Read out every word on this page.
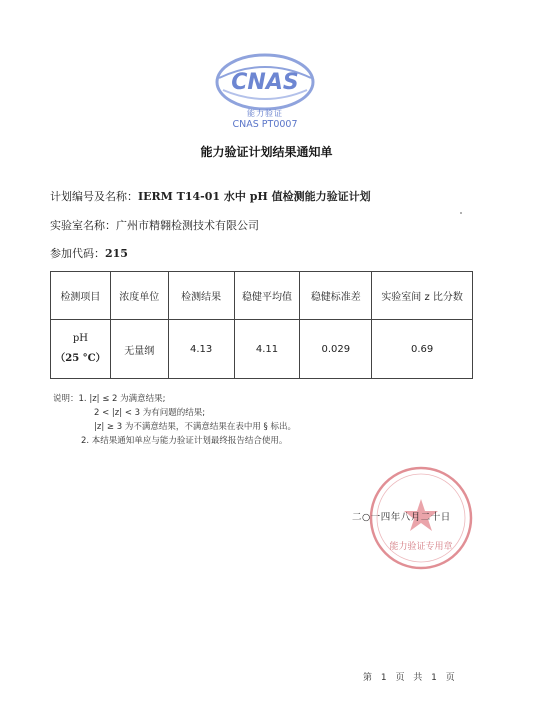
CNAS
能力验证
CNAS PT0007
能力验证计划结果通知单
计划编号及名称：IERM T14-01 水中 pH 值检测能力验证计划
实验室名称：广州市精翱检测技术有限公司
参加代码：215
检测项目	浓度单位	检测结果	稳健平均值	稳健标准差	实验室间 z 比分数

pH
（25 °C）	无量纲	4.13	4.11	0.029	0.69
说明：1. |z| ≤ 2 为满意结果;
2 < |z| < 3 为有问题的结果;
|z| ≥ 3 为不满意结果，不满意结果在表中用 § 标出。
2. 本结果通知单应与能力验证计划最终报告结合使用。
能力验证专用章
二○一四年八月二十日
第 1 页 共 1 页
